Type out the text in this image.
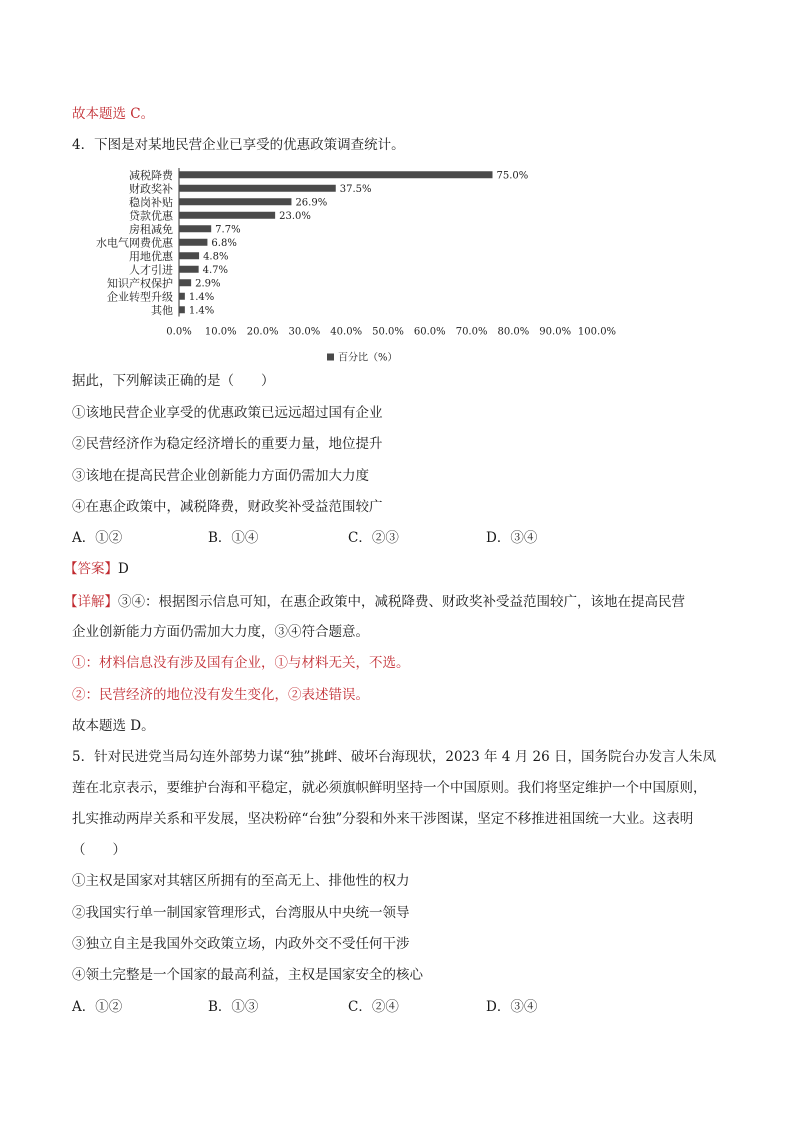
故本题选 C。
4．下图是对某地民营企业已享受的优惠政策调查统计。
减税降费
财政奖补
稳岗补贴
贷款优惠
房租减免
水电气网费优惠
用地优惠
人才引进
知识产权保护
企业转型升级
其他
75.0%
37.5%
26.9%
23.0%
7.7%
6.8%
4.8%
4.7%
2.9%
1.4%
1.4%
0.0% 10.0% 20.0% 30.0% 40.0% 50.0% 60.0% 70.0% 80.0% 90.0% 100.0%
百分比（%）
据此，下列解读正确的是（　　）
①该地民营企业享受的优惠政策已远远超过国有企业
②民营经济作为稳定经济增长的重要力量，地位提升
③该地在提高民营企业创新能力方面仍需加大力度
④在惠企政策中，减税降费，财政奖补受益范围较广
A．①②	B．①④	C．②③	D．③④
【答案】D
【详解】③④：根据图示信息可知，在惠企政策中，减税降费、财政奖补受益范围较广，该地在提高民营
企业创新能力方面仍需加大力度，③④符合题意。
①：材料信息没有涉及国有企业，①与材料无关，不选。
②：民营经济的地位没有发生变化，②表述错误。
故本题选 D。
5．针对民进党当局勾连外部势力谋“独”挑衅、破坏台海现状，2023 年 4 月 26 日，国务院台办发言人朱凤
莲在北京表示，要维护台海和平稳定，就必须旗帜鲜明坚持一个中国原则。我们将坚定维护一个中国原则，
扎实推动两岸关系和平发展，坚决粉碎“台独”分裂和外来干涉图谋，坚定不移推进祖国统一大业。这表明
（　　）
①主权是国家对其辖区所拥有的至高无上、排他性的权力
②我国实行单一制国家管理形式，台湾服从中央统一领导
③独立自主是我国外交政策立场，内政外交不受任何干涉
④领土完整是一个国家的最高利益，主权是国家安全的核心
A．①②	B．①③	C．②④	D．③④
